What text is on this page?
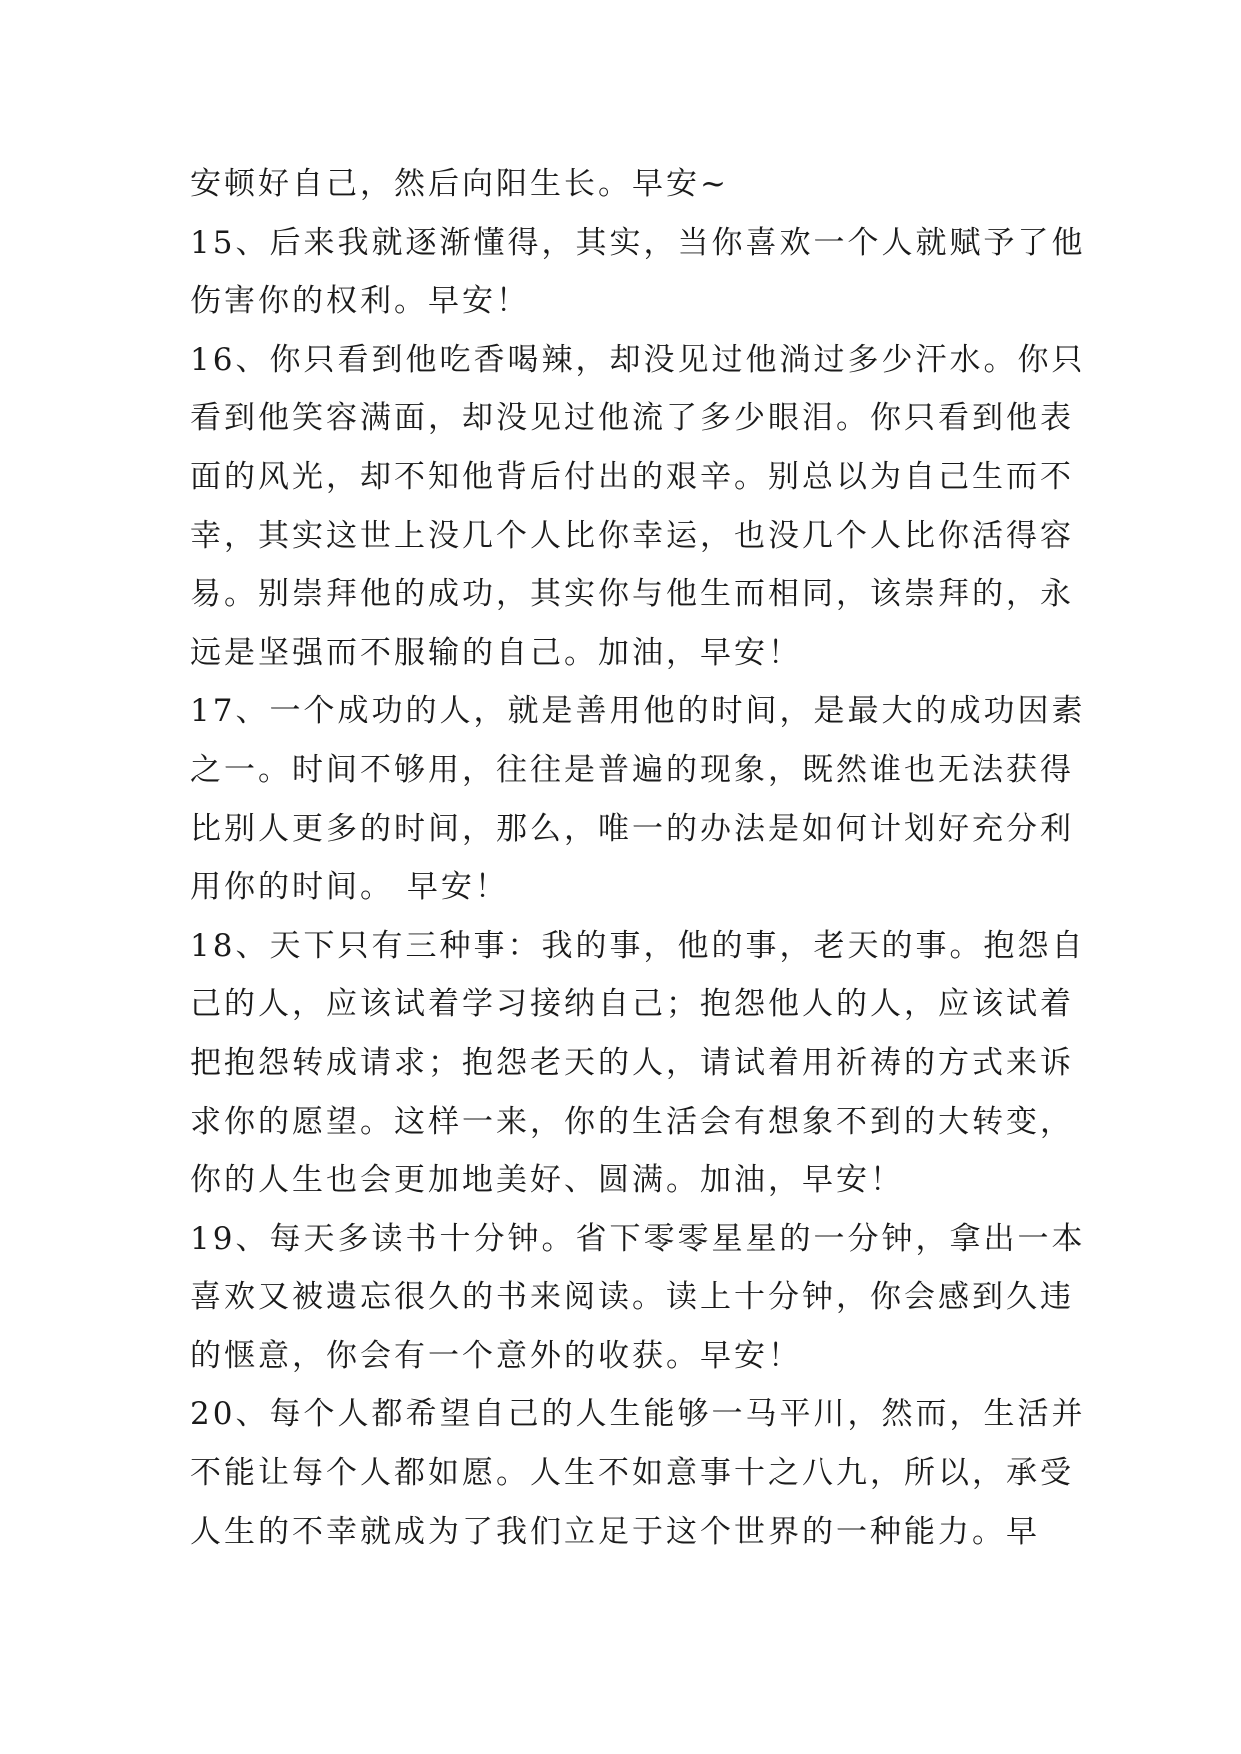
安顿好自己，然后向阳生长。早安~
15、后来我就逐渐懂得，其实，当你喜欢一个人就赋予了他
伤害你的权利。早安！
16、你只看到他吃香喝辣，却没见过他淌过多少汗水。你只
看到他笑容满面，却没见过他流了多少眼泪。你只看到他表
面的风光，却不知他背后付出的艰辛。别总以为自己生而不
幸，其实这世上没几个人比你幸运，也没几个人比你活得容
易。别崇拜他的成功，其实你与他生而相同，该崇拜的，永
远是坚强而不服输的自己。加油，早安！
17、一个成功的人，就是善用他的时间，是最大的成功因素
之一。时间不够用，往往是普遍的现象，既然谁也无法获得
比别人更多的时间，那么，唯一的办法是如何计划好充分利
用你的时间。 早安！
18、天下只有三种事：我的事，他的事，老天的事。抱怨自
己的人，应该试着学习接纳自己；抱怨他人的人，应该试着
把抱怨转成请求；抱怨老天的人，请试着用祈祷的方式来诉
求你的愿望。这样一来，你的生活会有想象不到的大转变，
你的人生也会更加地美好、圆满。加油，早安！
19、每天多读书十分钟。省下零零星星的一分钟，拿出一本
喜欢又被遗忘很久的书来阅读。读上十分钟，你会感到久违
的惬意，你会有一个意外的收获。早安！
20、每个人都希望自己的人生能够一马平川，然而，生活并
不能让每个人都如愿。人生不如意事十之八九，所以，承受
人生的不幸就成为了我们立足于这个世界的一种能力。早
